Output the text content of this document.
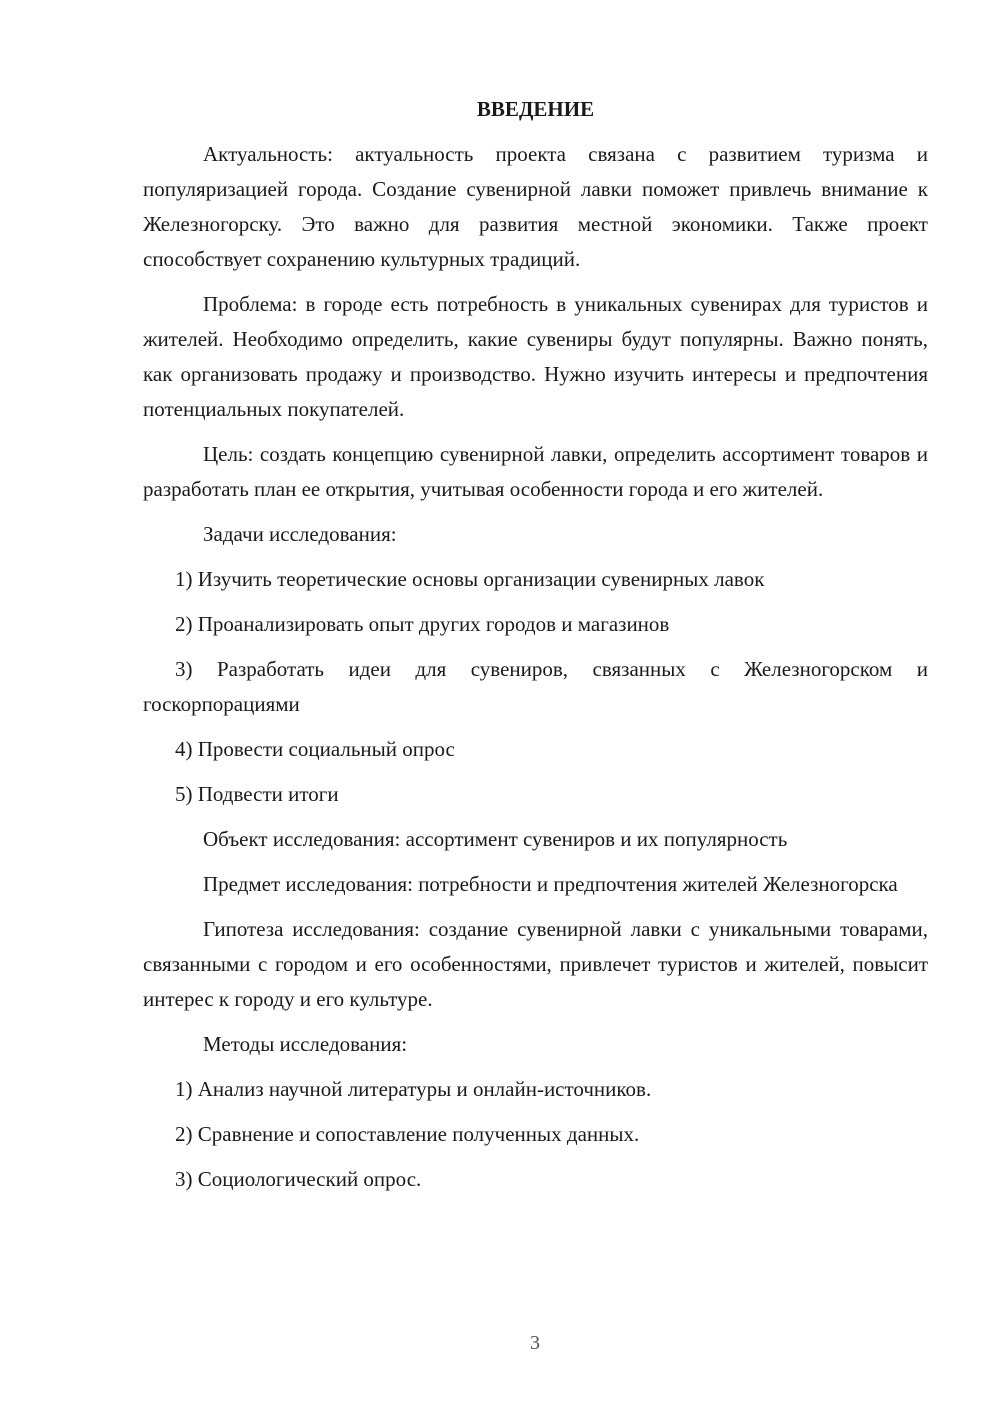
ВВЕДЕНИЕ

Актуальность: актуальность проекта связана с развитием туризма и популяризацией города. Создание сувенирной лавки поможет привлечь внимание к Железногорску. Это важно для развития местной экономики. Также проект способствует сохранению культурных традиций.

Проблема: в городе есть потребность в уникальных сувенирах для туристов и жителей. Необходимо определить, какие сувениры будут популярны. Важно понять, как организовать продажу и производство. Нужно изучить интересы и предпочтения потенциальных покупателей.

Цель: создать концепцию сувенирной лавки, определить ассортимент товаров и разработать план ее открытия, учитывая особенности города и его жителей.

Задачи исследования:

1) Изучить теоретические основы организации сувенирных лавок

2) Проанализировать опыт других городов и магазинов

3) Разработать идеи для сувениров, связанных с Железногорском и госкорпорациями

4) Провести социальный опрос

5) Подвести итоги

Объект исследования: ассортимент сувениров и их популярность

Предмет исследования: потребности и предпочтения жителей Железногорска

Гипотеза исследования: создание сувенирной лавки с уникальными товарами, связанными с городом и его особенностями, привлечет туристов и жителей, повысит интерес к городу и его культуре.

Методы исследования:

1) Анализ научной литературы и онлайн-источников.

2) Сравнение и сопоставление полученных данных.

3) Социологический опрос.

3
